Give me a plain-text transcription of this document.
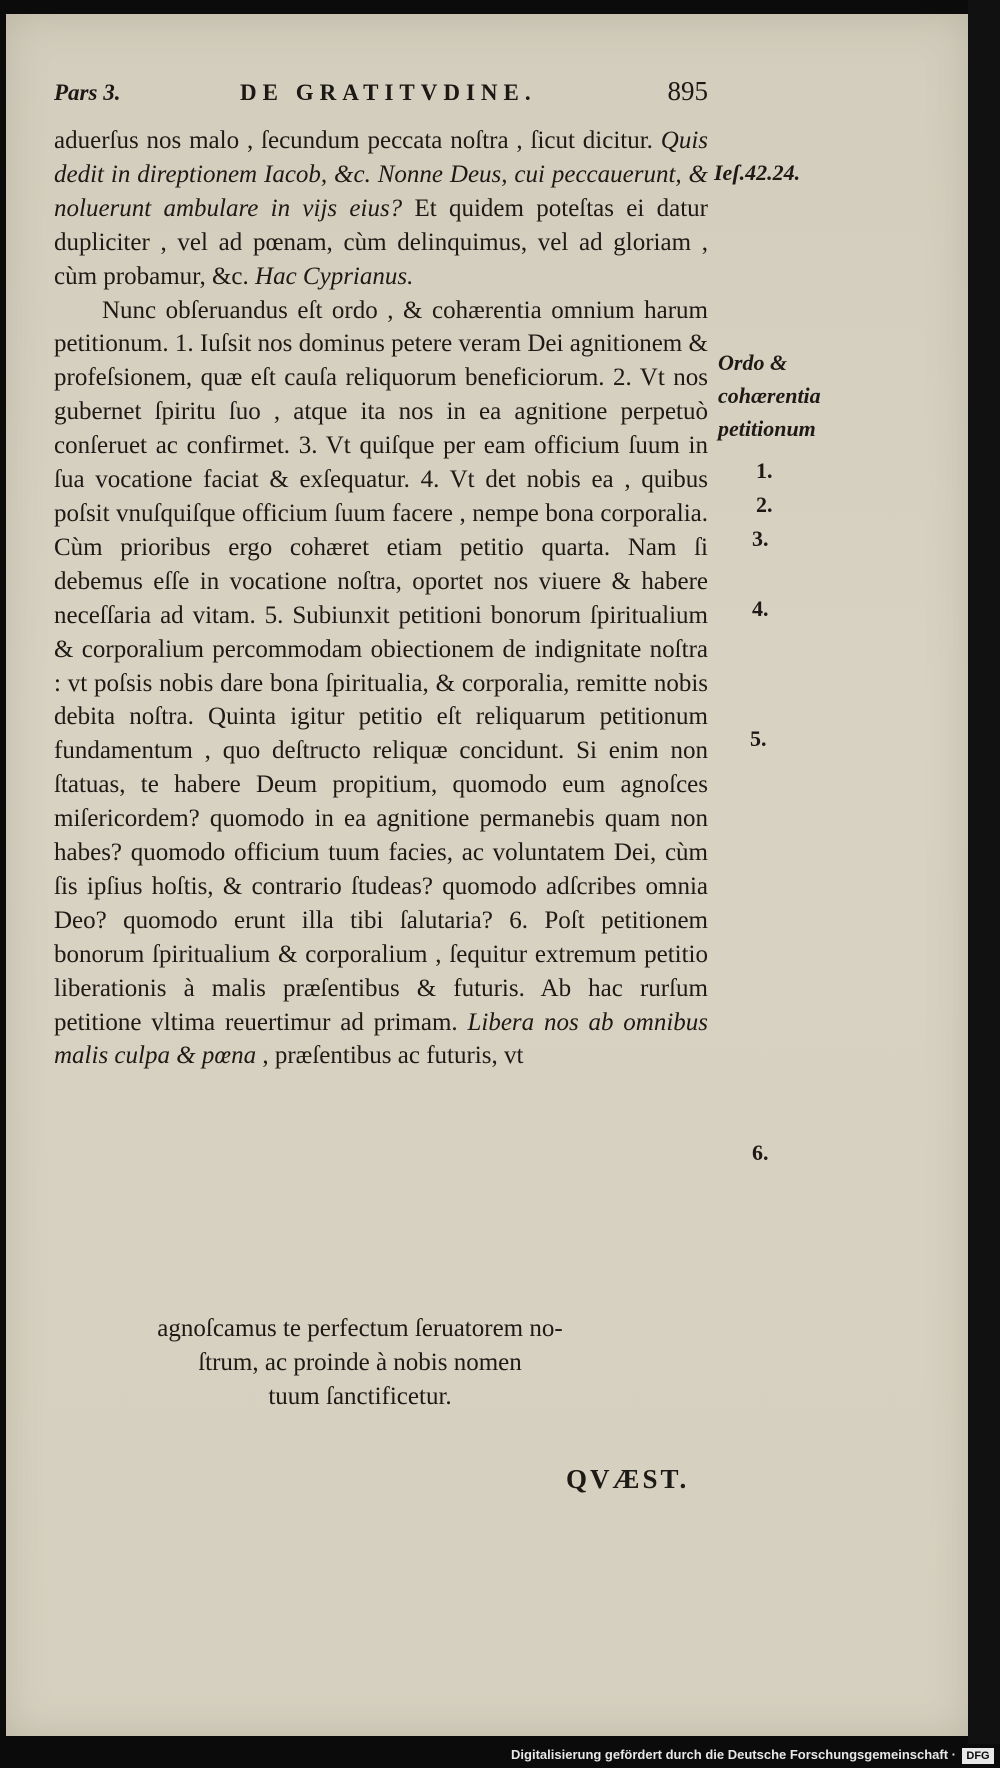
Pars 3.	DE GRATITVDINE.	895

aduerſus nos malo , ſecundum peccata noſtra , ſicut dicitur. Quis dedit in direptionem Iacob, &c. Nonne Deus, cui peccauerunt, & noluerunt ambulare in vijs eius? Et quidem poteſtas ei datur dupliciter , vel ad pœnam, cùm delinquimus, vel ad gloriam , cùm probamur, &c. Hac Cyprianus.

Nunc obſeruandus eſt ordo , & cohærentia omnium harum petitionum. 1. Iuſsit nos dominus petere veram Dei agnitionem & profeſsionem, quæ eſt cauſa reliquorum beneficiorum. 2. Vt nos gubernet ſpiritu ſuo , atque ita nos in ea agnitione perpetuò conſeruet ac confirmet. 3. Vt quiſque per eam officium ſuum in ſua vocatione faciat & exſequatur. 4. Vt det nobis ea , quibus poſsit vnuſquiſque officium ſuum facere , nempe bona corporalia. Cùm prioribus ergo cohæret etiam petitio quarta. Nam ſi debemus eſſe in vocatione noſtra, oportet nos viuere & habere neceſſaria ad vitam. 5. Subiunxit petitioni bonorum ſpiritualium & corporalium percommodam obiectionem de indignitate noſtra : vt poſsis nobis dare bona ſpiritualia, & corporalia, remitte nobis debita noſtra. Quinta igitur petitio eſt reliquarum petitionum fundamentum , quo deſtructo reliquæ concidunt. Si enim non ſtatuas, te habere Deum propitium, quomodo eum agnoſces miſericordem? quomodo in ea agnitione permanebis quam non habes? quomodo officium tuum facies, ac voluntatem Dei, cùm ſis ipſius hoſtis, & contrario ſtudeas? quomodo adſcribes omnia Deo? quomodo erunt illa tibi ſalutaria? 6. Poſt petitionem bonorum ſpiritualium & corporalium , ſequitur extremum petitio liberationis à malis præſentibus & futuris. Ab hac rurſum petitione vltima reuertimur ad primam. Libera nos ab omnibus malis culpa & pœna , præſentibus ac futuris, vt

agnoſcamus te perfectum ſeruatorem no-
ſtrum, ac proinde à nobis nomen
tuum ſanctificetur.
QVÆST.
Ieſ.42.24.
Ordo &
cohærentia
petitionum
1.
2.
3.
4.
5.
6.
Digitalisierung gefördert durch die Deutsche Forschungsgemeinschaft · DFG
